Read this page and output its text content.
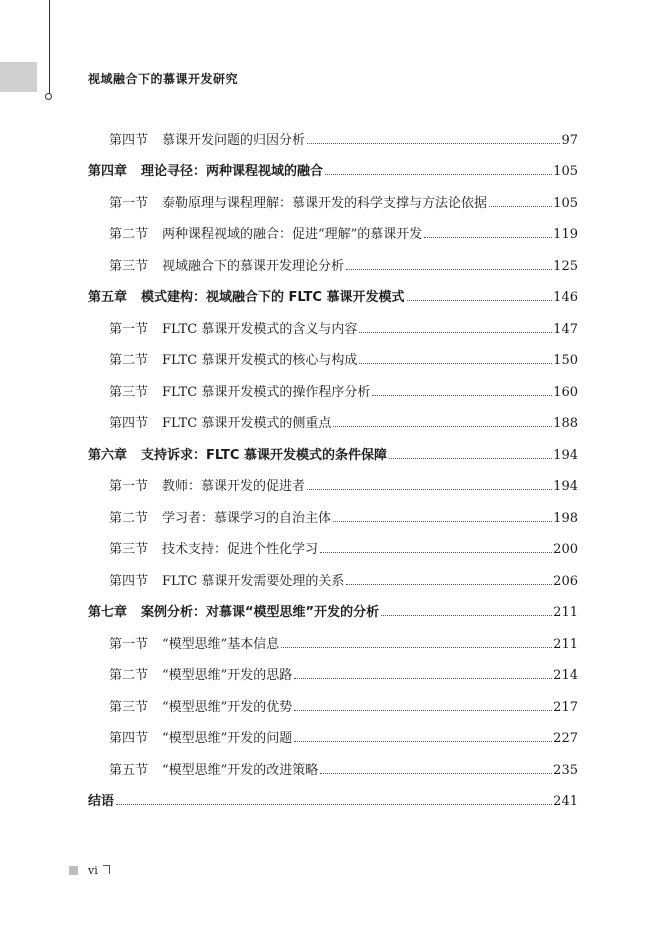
视域融合下的慕课开发研究
第四节 慕课开发问题的归因分析	97
第四章 理论寻径：两种课程视域的融合	105
第一节 泰勒原理与课程理解：慕课开发的科学支撑与方法论依据	105
第二节 两种课程视域的融合：促进“理解”的慕课开发	119
第三节 视域融合下的慕课开发理论分析	125
第五章 模式建构：视域融合下的 FLTC 慕课开发模式	146
第一节 FLTC 慕课开发模式的含义与内容	147
第二节 FLTC 慕课开发模式的核心与构成	150
第三节 FLTC 慕课开发模式的操作程序分析	160
第四节 FLTC 慕课开发模式的侧重点	188
第六章 支持诉求：FLTC 慕课开发模式的条件保障	194
第一节 教师：慕课开发的促进者	194
第二节 学习者：慕课学习的自治主体	198
第三节 技术支持：促进个性化学习	200
第四节 FLTC 慕课开发需要处理的关系	206
第七章 案例分析：对慕课“模型思维”开发的分析	211
第一节 “模型思维”基本信息	211
第二节 “模型思维”开发的思路	214
第三节 “模型思维”开发的优势	217
第四节 “模型思维”开发的问题	227
第五节 “模型思维”开发的改进策略	235
结语	241
vi
